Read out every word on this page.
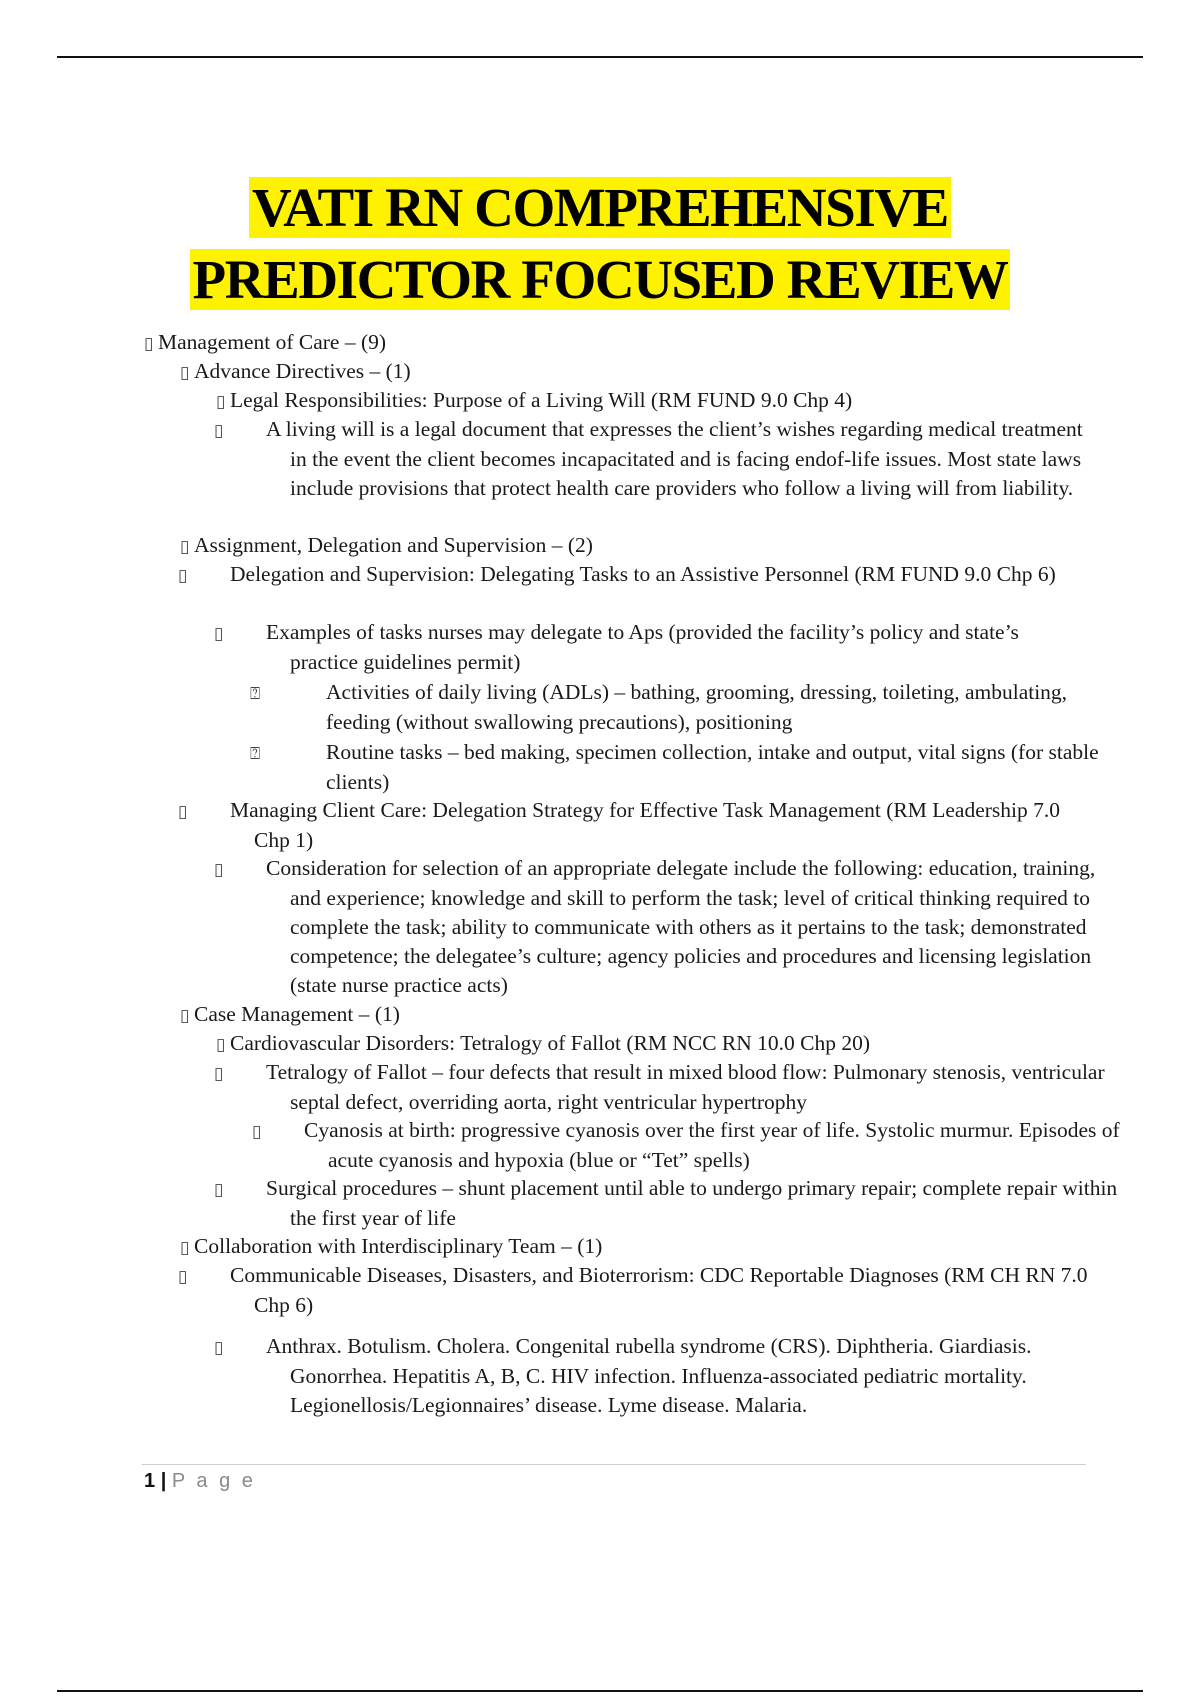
VATI RN COMPREHENSIVE
PREDICTOR FOCUSED REVIEW
▯ Management of Care – (9)
▯ Advance Directives – (1)
▯ Legal Responsibilities: Purpose of a Living Will (RM FUND 9.0 Chp 4)
▯ A living will is a legal document that expresses the client’s wishes regarding medical treatment in the event the client becomes incapacitated and is facing endof-life issues. Most state laws include provisions that protect health care providers who follow a living will from liability.
▯ Assignment, Delegation and Supervision – (2)
▯ Delegation and Supervision: Delegating Tasks to an Assistive Personnel (RM FUND 9.0 Chp 6)
▯ Examples of tasks nurses may delegate to Aps (provided the facility’s policy and state’s practice guidelines permit)
⍰	Activities of daily living (ADLs) – bathing, grooming, dressing, toileting, ambulating, feeding (without swallowing precautions), positioning
⍰	Routine tasks – bed making, specimen collection, intake and output, vital signs (for stable clients)
▯ Managing Client Care: Delegation Strategy for Effective Task Management (RM Leadership 7.0 Chp 1)
▯ Consideration for selection of an appropriate delegate include the following: education, training, and experience; knowledge and skill to perform the task; level of critical thinking required to complete the task; ability to communicate with others as it pertains to the task; demonstrated competence; the delegatee’s culture; agency policies and procedures and licensing legislation (state nurse practice acts)
▯ Case Management – (1)
▯ Cardiovascular Disorders: Tetralogy of Fallot (RM NCC RN 10.0 Chp 20)
▯ Tetralogy of Fallot – four defects that result in mixed blood flow: Pulmonary stenosis, ventricular septal defect, overriding aorta, right ventricular hypertrophy
▯ Cyanosis at birth: progressive cyanosis over the first year of life. Systolic murmur. Episodes of acute cyanosis and hypoxia (blue or “Tet” spells)
▯ Surgical procedures – shunt placement until able to undergo primary repair; complete repair within the first year of life
▯ Collaboration with Interdisciplinary Team – (1)
▯ Communicable Diseases, Disasters, and Bioterrorism: CDC Reportable Diagnoses (RM CH RN 7.0 Chp 6)
▯ Anthrax. Botulism. Cholera. Congenital rubella syndrome (CRS). Diphtheria. Giardiasis. Gonorrhea. Hepatitis A, B, C. HIV infection. Influenza-associated pediatric mortality. Legionellosis/Legionnaires’ disease. Lyme disease. Malaria.
1 | P a g e
